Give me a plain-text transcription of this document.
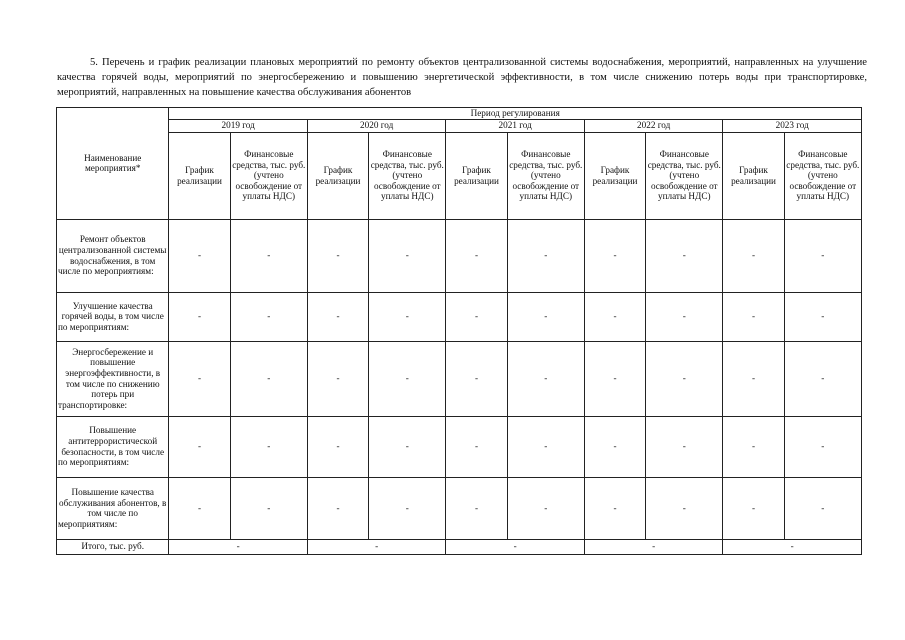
5. Перечень и график реализации плановых мероприятий по ремонту объектов централизованной системы водоснабжения, мероприятий, направленных на улучшение качества горячей воды, мероприятий по энергосбережению и повышению энергетической эффективности, в том числе снижению потерь воды при транспортировке, мероприятий, направленных на повышение качества обслуживания абонентов

Наименование мероприятия*	Период регулирования									
	2019 год		2020 год		2021 год		2022 год		2023 год	
	График реализации	Финансовые средства, тыс. руб. (учтено освобождение от уплаты НДС)	График реализации	Финансовые средства, тыс. руб. (учтено освобождение от уплаты НДС)	График реализации	Финансовые средства, тыс. руб. (учтено освобождение от уплаты НДС)	График реализации	Финансовые средства, тыс. руб. (учтено освобождение от уплаты НДС)	График реализации	Финансовые средства, тыс. руб. (учтено освобождение от уплаты НДС)
Ремонт объектов централизованной системы водоснабжения, в том числе по мероприятиям:	-	-	-	-	-	-	-	-	-	-
Улучшение качества горячей воды, в том числе по мероприятиям:	-	-	-	-	-	-	-	-	-	-
Энергосбережение и повышение энергоэффективности, в том числе по снижению потерь при транспортировке:	-	-	-	-	-	-	-	-	-	-
Повышение антитеррористической безопасности, в том числе по мероприятиям:	-	-	-	-	-	-	-	-	-	-
Повышение качества обслуживания абонентов, в том числе по мероприятиям:	-	-	-	-	-	-	-	-	-	-
Итого, тыс. руб.	-		-		-		-		-	
